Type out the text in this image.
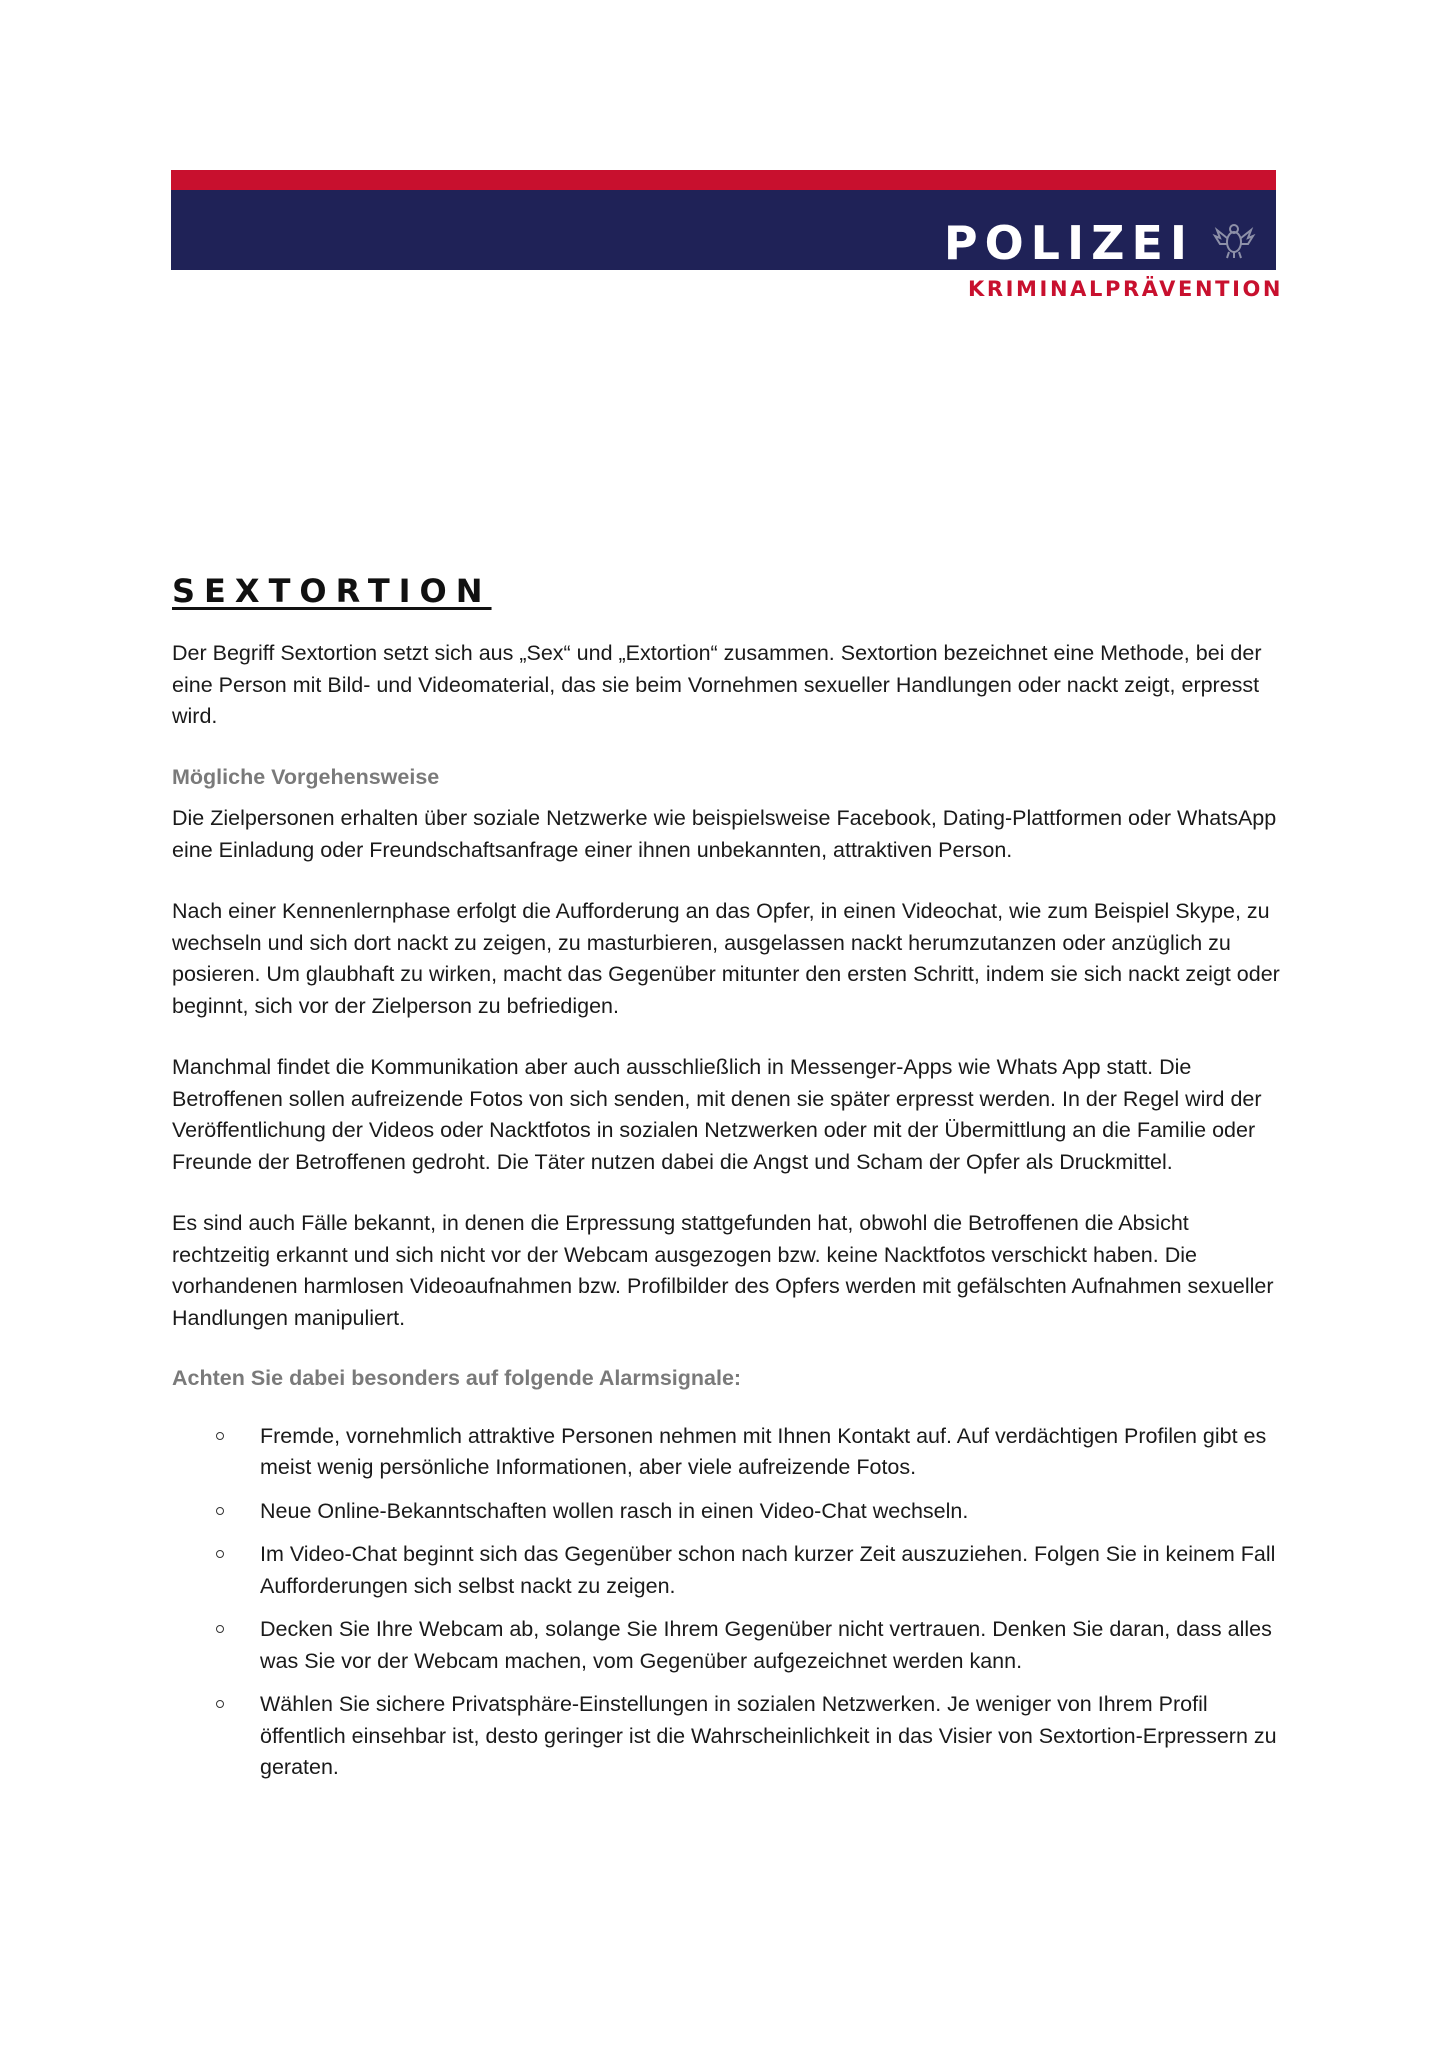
POLIZEI
KRIMINALPRÄVENTION
SEXTORTION

Der Begriff Sextortion setzt sich aus „Sex“ und „Extortion“ zusammen. Sextortion bezeichnet eine Methode, bei der eine Person mit Bild- und Videomaterial, das sie beim Vornehmen sexueller Handlungen oder nackt zeigt, erpresst wird.

Mögliche Vorgehensweise

Die Zielpersonen erhalten über soziale Netzwerke wie beispielsweise Facebook, Dating-Plattformen oder WhatsApp eine Einladung oder Freundschaftsanfrage einer ihnen unbekannten, attraktiven Person.

Nach einer Kennenlernphase erfolgt die Aufforderung an das Opfer, in einen Videochat, wie zum Beispiel Skype, zu wechseln und sich dort nackt zu zeigen, zu masturbieren, ausgelassen nackt herumzutanzen oder anzüglich zu posieren. Um glaubhaft zu wirken, macht das Gegenüber mitunter den ersten Schritt, indem sie sich nackt zeigt oder beginnt, sich vor der Zielperson zu befriedigen.

Manchmal findet die Kommunikation aber auch ausschließlich in Messenger-Apps wie Whats App statt. Die Betroffenen sollen aufreizende Fotos von sich senden, mit denen sie später erpresst werden. In der Regel wird der Veröffentlichung der Videos oder Nacktfotos in sozialen Netzwerken oder mit der Übermittlung an die Familie oder Freunde der Betroffenen gedroht. Die Täter nutzen dabei die Angst und Scham der Opfer als Druckmittel.

Es sind auch Fälle bekannt, in denen die Erpressung stattgefunden hat, obwohl die Betroffenen die Absicht rechtzeitig erkannt und sich nicht vor der Webcam ausgezogen bzw. keine Nacktfotos verschickt haben. Die vorhandenen harmlosen Videoaufnahmen bzw. Profilbilder des Opfers werden mit gefälschten Aufnahmen sexueller Handlungen manipuliert.

Achten Sie dabei besonders auf folgende Alarmsignale:
Fremde, vornehmlich attraktive Personen nehmen mit Ihnen Kontakt auf. Auf verdächtigen Profilen gibt es meist wenig persönliche Informationen, aber viele aufreizende Fotos.
Neue Online-Bekanntschaften wollen rasch in einen Video-Chat wechseln.
Im Video-Chat beginnt sich das Gegenüber schon nach kurzer Zeit auszuziehen. Folgen Sie in keinem Fall Aufforderungen sich selbst nackt zu zeigen.
Decken Sie Ihre Webcam ab, solange Sie Ihrem Gegenüber nicht vertrauen. Denken Sie daran, dass alles was Sie vor der Webcam machen, vom Gegenüber aufgezeichnet werden kann.
Wählen Sie sichere Privatsphäre-Einstellungen in sozialen Netzwerken. Je weniger von Ihrem Profil öffentlich einsehbar ist, desto geringer ist die Wahrscheinlichkeit in das Visier von Sextortion-Erpressern zu geraten.
